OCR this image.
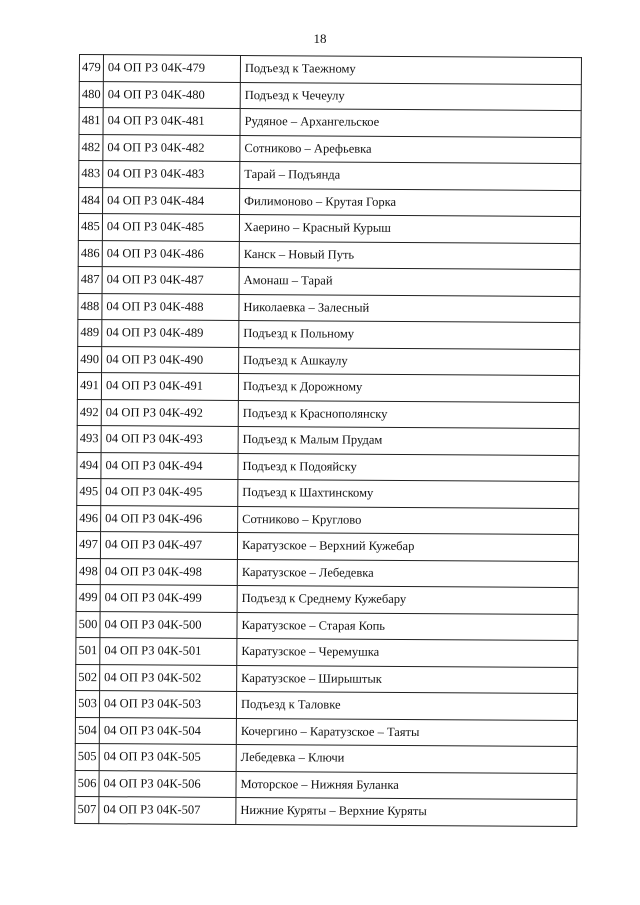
18
479	04 ОП РЗ 04К-479	Подъезд к Таежному
480	04 ОП РЗ 04К-480	Подъезд к Чечеулу
481	04 ОП РЗ 04К-481	Рудяное – Архангельское
482	04 ОП РЗ 04К-482	Сотниково – Арефьевка
483	04 ОП РЗ 04К-483	Тарай – Подъянда
484	04 ОП РЗ 04К-484	Филимоново – Крутая Горка
485	04 ОП РЗ 04К-485	Хаерино – Красный Курыш
486	04 ОП РЗ 04К-486	Канск – Новый Путь
487	04 ОП РЗ 04К-487	Амонаш – Тарай
488	04 ОП РЗ 04К-488	Николаевка – Залесный
489	04 ОП РЗ 04К-489	Подъезд к Польному
490	04 ОП РЗ 04К-490	Подъезд к Ашкаулу
491	04 ОП РЗ 04К-491	Подъезд к Дорожному
492	04 ОП РЗ 04К-492	Подъезд к Краснополянску
493	04 ОП РЗ 04К-493	Подъезд к Малым Прудам
494	04 ОП РЗ 04К-494	Подъезд к Подояйску
495	04 ОП РЗ 04К-495	Подъезд к Шахтинскому
496	04 ОП РЗ 04К-496	Сотниково – Круглово
497	04 ОП РЗ 04К-497	Каратузское – Верхний Кужебар
498	04 ОП РЗ 04К-498	Каратузское – Лебедевка
499	04 ОП РЗ 04К-499	Подъезд к Среднему Кужебару
500	04 ОП РЗ 04К-500	Каратузское – Старая Копь
501	04 ОП РЗ 04К-501	Каратузское – Черемушка
502	04 ОП РЗ 04К-502	Каратузское – Ширыштык
503	04 ОП РЗ 04К-503	Подъезд к Таловке
504	04 ОП РЗ 04К-504	Кочергино – Каратузское – Таяты
505	04 ОП РЗ 04К-505	Лебедевка – Ключи
506	04 ОП РЗ 04К-506	Моторское – Нижняя Буланка
507	04 ОП РЗ 04К-507	Нижние Куряты – Верхние Куряты
